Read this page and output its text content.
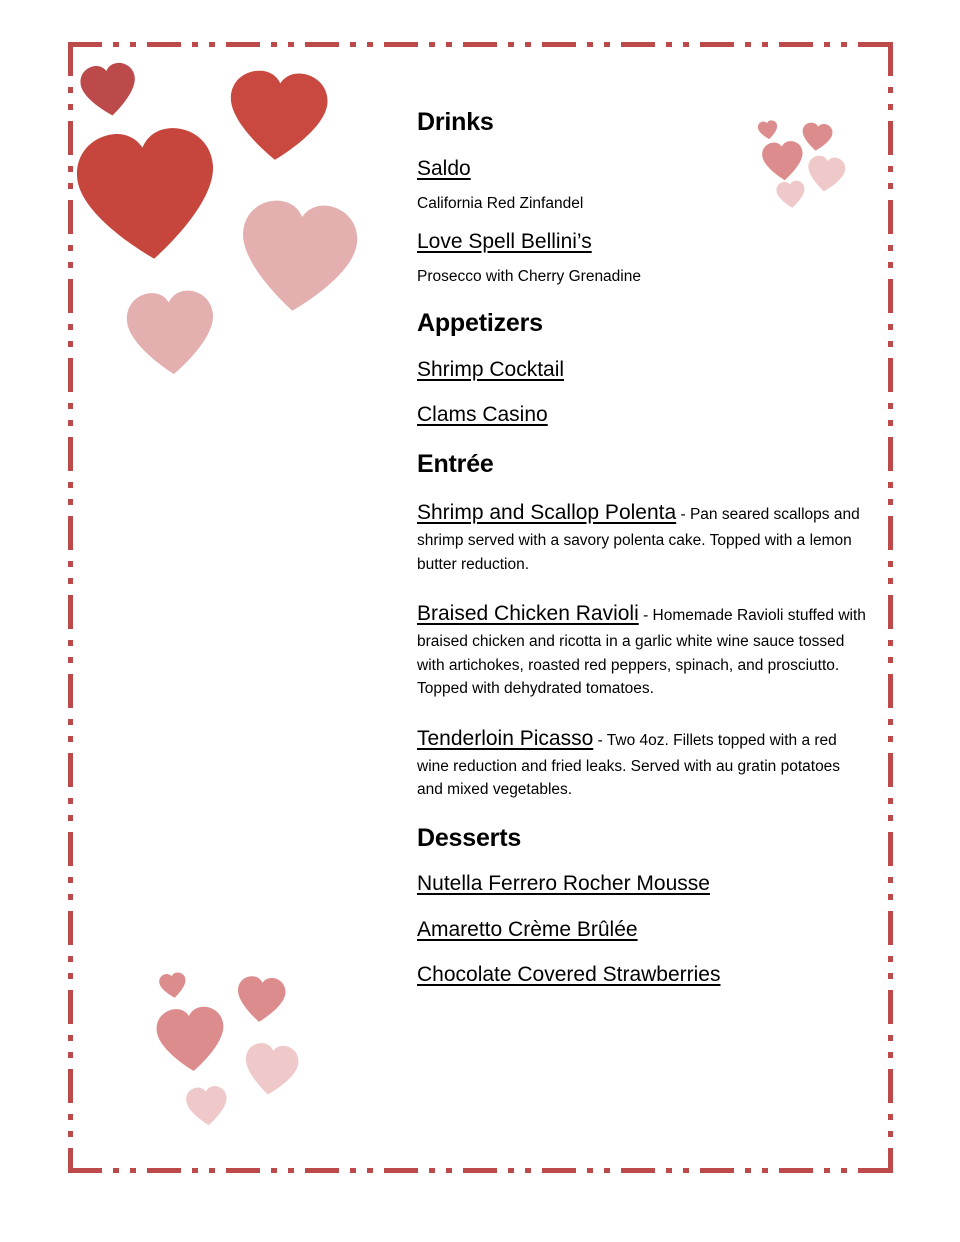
Drinks
Saldo
California Red Zinfandel
Love Spell Bellini’s
Prosecco with Cherry Grenadine
Appetizers
Shrimp Cocktail
Clams Casino
Entrée

Shrimp and Scallop Polenta - Pan seared scallops and shrimp served with a savory polenta cake. Topped with a lemon butter reduction.

Braised Chicken Ravioli - Homemade Ravioli stuffed with braised chicken and ricotta in a garlic white wine sauce tossed with artichokes, roasted red peppers, spinach, and prosciutto. Topped with dehydrated tomatoes.

Tenderloin Picasso - Two 4oz. Fillets topped with a red wine reduction and fried leaks. Served with au gratin potatoes and mixed vegetables.

Desserts
Nutella Ferrero Rocher Mousse
Amaretto Crème Brûlée
Chocolate Covered Strawberries
